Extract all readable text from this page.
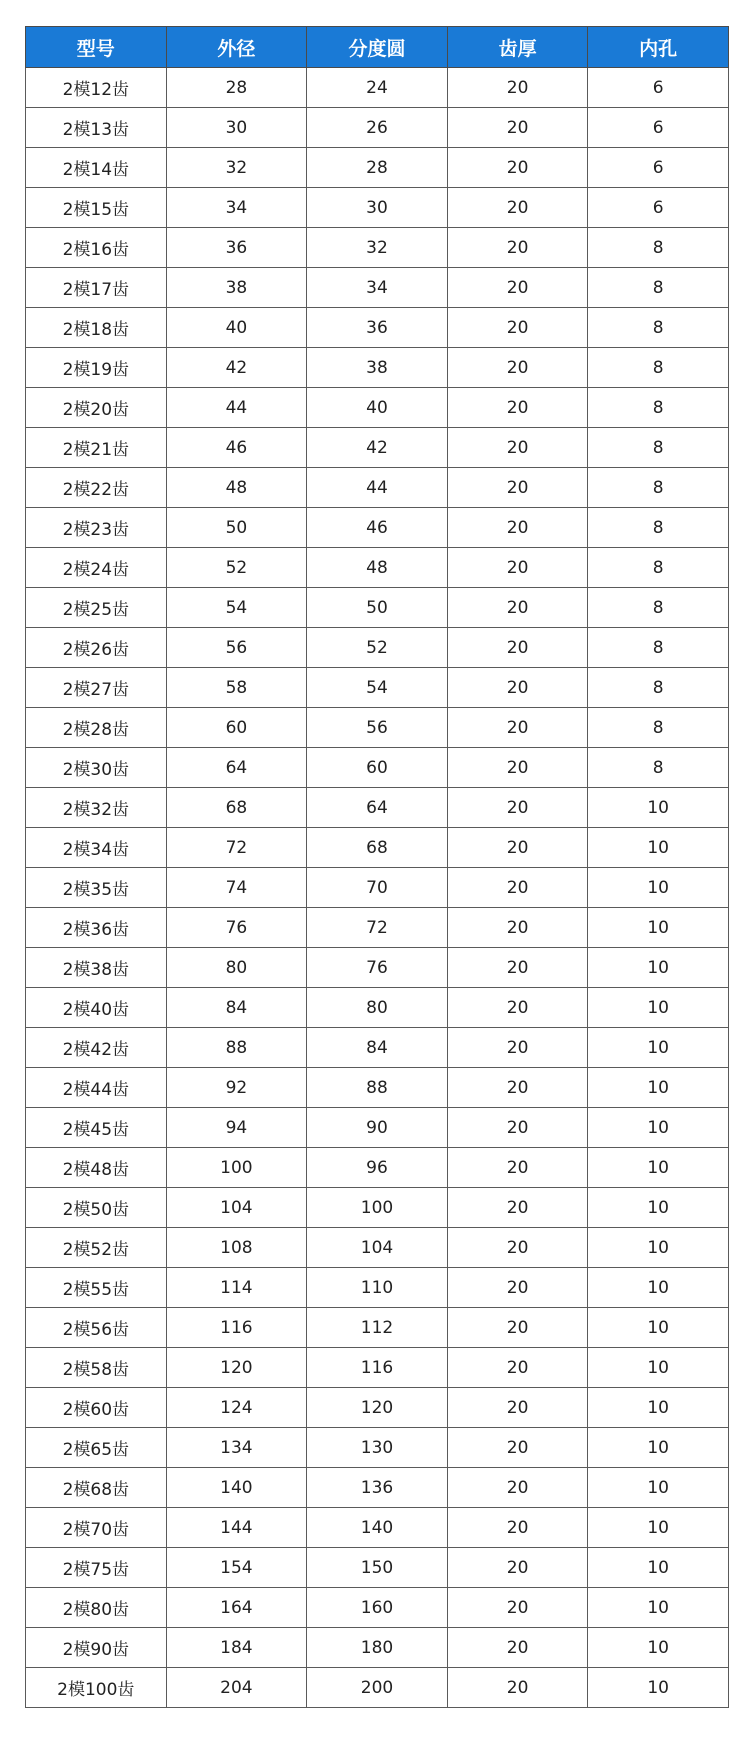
型号	外径	分度圆	齿厚	内孔
2模12齿	28	24	20	6
2模13齿	30	26	20	6
2模14齿	32	28	20	6
2模15齿	34	30	20	6
2模16齿	36	32	20	8
2模17齿	38	34	20	8
2模18齿	40	36	20	8
2模19齿	42	38	20	8
2模20齿	44	40	20	8
2模21齿	46	42	20	8
2模22齿	48	44	20	8
2模23齿	50	46	20	8
2模24齿	52	48	20	8
2模25齿	54	50	20	8
2模26齿	56	52	20	8
2模27齿	58	54	20	8
2模28齿	60	56	20	8
2模30齿	64	60	20	8
2模32齿	68	64	20	10
2模34齿	72	68	20	10
2模35齿	74	70	20	10
2模36齿	76	72	20	10
2模38齿	80	76	20	10
2模40齿	84	80	20	10
2模42齿	88	84	20	10
2模44齿	92	88	20	10
2模45齿	94	90	20	10
2模48齿	100	96	20	10
2模50齿	104	100	20	10
2模52齿	108	104	20	10
2模55齿	114	110	20	10
2模56齿	116	112	20	10
2模58齿	120	116	20	10
2模60齿	124	120	20	10
2模65齿	134	130	20	10
2模68齿	140	136	20	10
2模70齿	144	140	20	10
2模75齿	154	150	20	10
2模80齿	164	160	20	10
2模90齿	184	180	20	10
2模100齿	204	200	20	10
